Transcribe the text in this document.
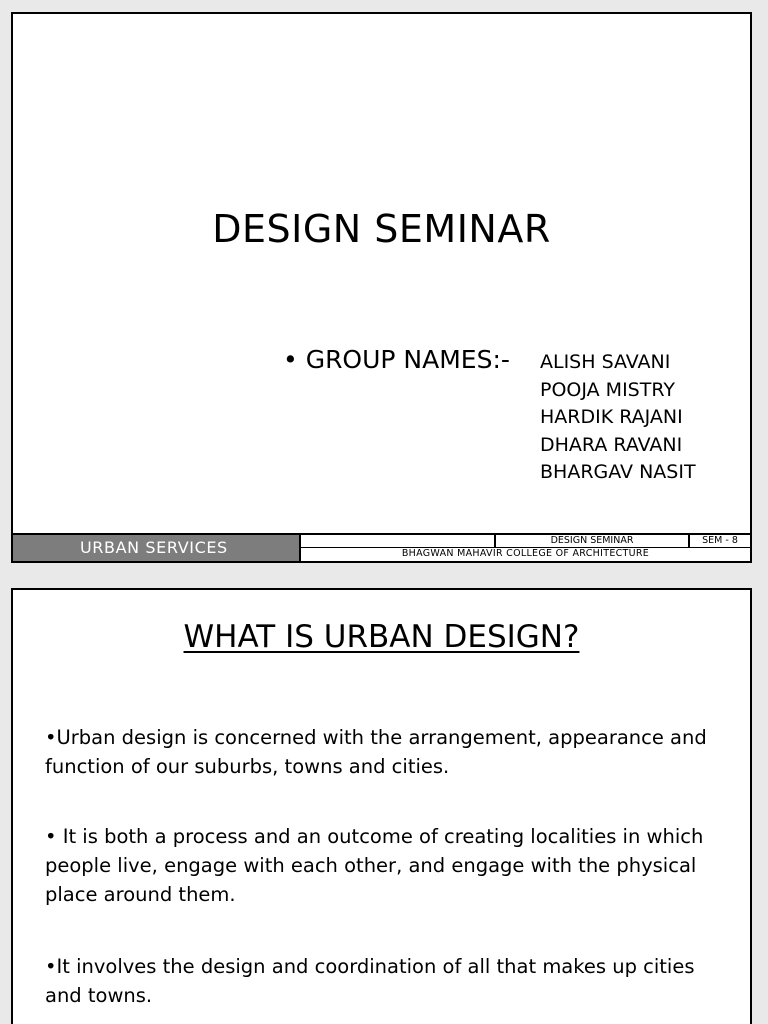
DESIGN SEMINAR
• GROUP NAMES:- ALISH SAVANI
POOJA MISTRY
HARDIK RAJANI
DHARA RAVANI
BHARGAV NASIT
URBAN SERVICES	DESIGN SEMINAR	SEM - 8
BHAGWAN MAHAVIR COLLEGE OF ARCHITECTURE
WHAT IS URBAN DESIGN?

•Urban design is concerned with the arrangement, appearance and function of our suburbs, towns and cities.

• It is both a process and an outcome of creating localities in which people live, engage with each other, and engage with the physical place around them.

•It involves the design and coordination of all that makes up cities and towns.
